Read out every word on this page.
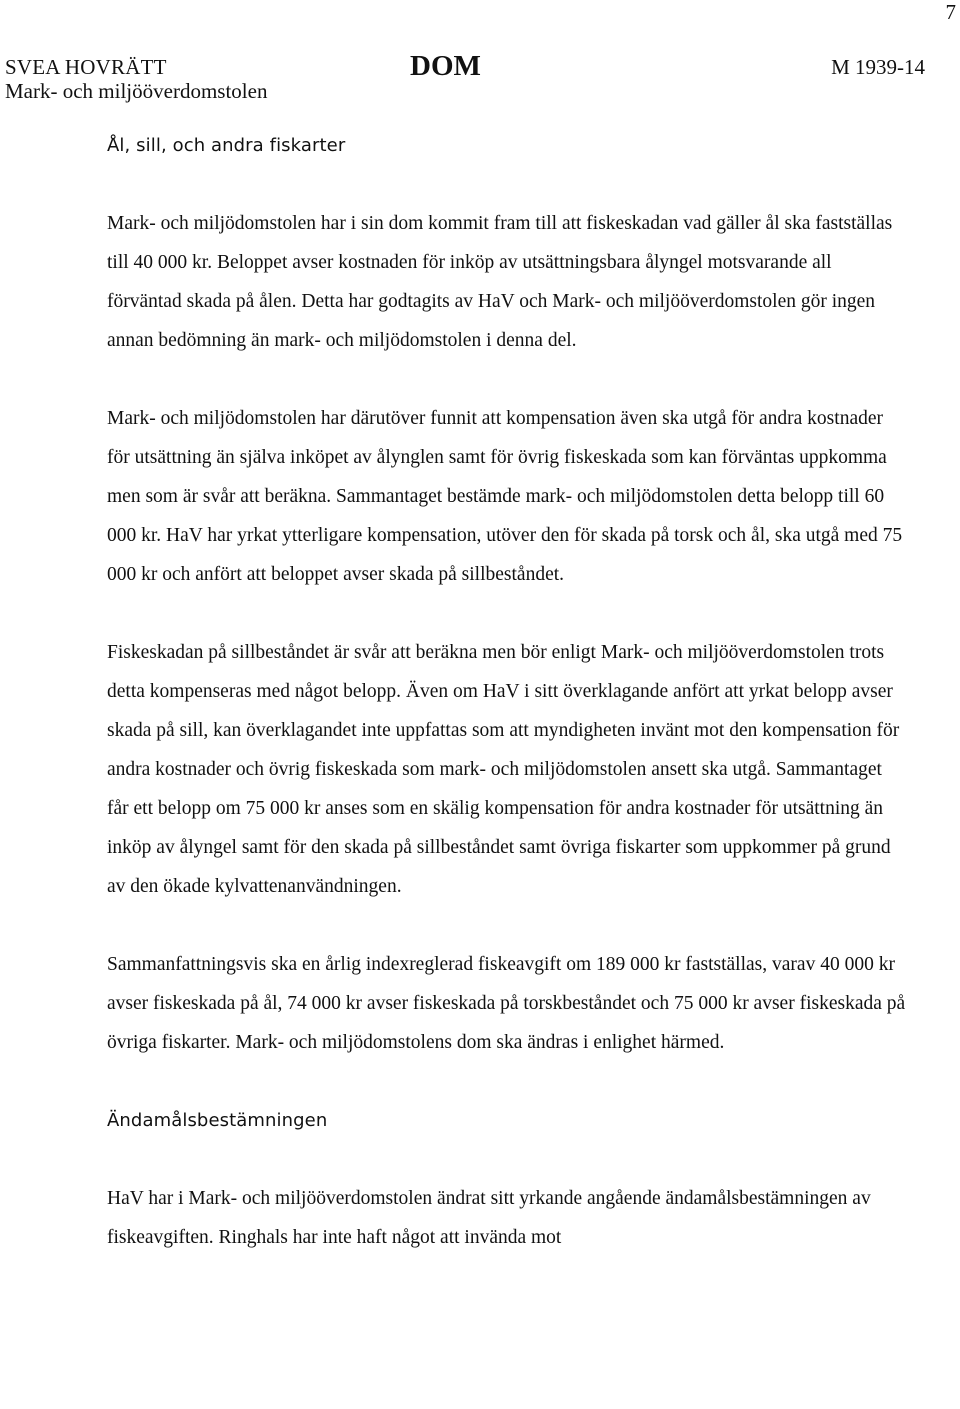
7
SVEA HOVRÄTT
Mark- och miljööverdomstolen
DOM	M 1939-14
Ål, sill, och andra fiskarter

Mark- och miljödomstolen har i sin dom kommit fram till att fiskeskadan vad gäller ål ska fastställas till 40 000 kr. Beloppet avser kostnaden för inköp av utsättningsbara ålyngel motsvarande all förväntad skada på ålen. Detta har godtagits av HaV och Mark- och miljööverdomstolen gör ingen annan bedömning än mark- och miljödomstolen i denna del.

Mark- och miljödomstolen har därutöver funnit att kompensation även ska utgå för andra kostnader för utsättning än själva inköpet av ålynglen samt för övrig fiskeskada som kan förväntas uppkomma men som är svår att beräkna. Sammantaget bestämde mark- och miljödomstolen detta belopp till 60 000 kr. HaV har yrkat ytterligare kompensation, utöver den för skada på torsk och ål, ska utgå med 75 000 kr och anfört att beloppet avser skada på sillbeståndet.

Fiskeskadan på sillbeståndet är svår att beräkna men bör enligt Mark- och miljööverdomstolen trots detta kompenseras med något belopp. Även om HaV i sitt överklagande anfört att yrkat belopp avser skada på sill, kan överklagandet inte uppfattas som att myndigheten invänt mot den kompensation för andra kostnader och övrig fiskeskada som mark- och miljödomstolen ansett ska utgå. Sammantaget får ett belopp om 75 000 kr anses som en skälig kompensation för andra kostnader för utsättning än inköp av ålyngel samt för den skada på sillbeståndet samt övriga fiskarter som uppkommer på grund av den ökade kylvattenanvändningen.

Sammanfattningsvis ska en årlig indexreglerad fiskeavgift om 189 000 kr fastställas, varav 40 000 kr avser fiskeskada på ål, 74 000 kr avser fiskeskada på torskbeståndet och 75 000 kr avser fiskeskada på övriga fiskarter. Mark- och miljödomstolens dom ska ändras i enlighet härmed.

Ändamålsbestämningen

HaV har i Mark- och miljööverdomstolen ändrat sitt yrkande angående ändamålsbestämningen av fiskeavgiften. Ringhals har inte haft något att invända mot
